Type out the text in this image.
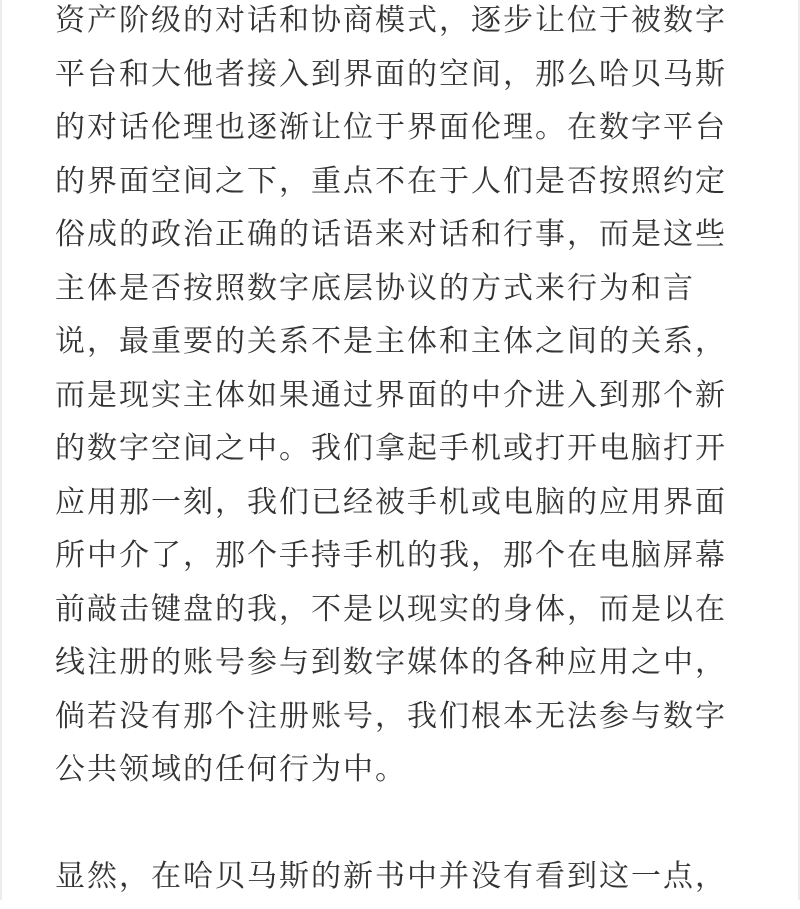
资产阶级的对话和协商模式，逐步让位于被数字
平台和大他者接入到界面的空间，那么哈贝马斯
的对话伦理也逐渐让位于界面伦理。在数字平台
的界面空间之下，重点不在于人们是否按照约定
俗成的政治正确的话语来对话和行事，而是这些
主体是否按照数字底层协议的方式来行为和言
说，最重要的关系不是主体和主体之间的关系，
而是现实主体如果通过界面的中介进入到那个新
的数字空间之中。我们拿起手机或打开电脑打开
应用那一刻，我们已经被手机或电脑的应用界面
所中介了，那个手持手机的我，那个在电脑屏幕
前敲击键盘的我，不是以现实的身体，而是以在
线注册的账号参与到数字媒体的各种应用之中，
倘若没有那个注册账号，我们根本无法参与数字
公共领域的任何行为中。

显然，在哈贝马斯的新书中并没有看到这一点，
